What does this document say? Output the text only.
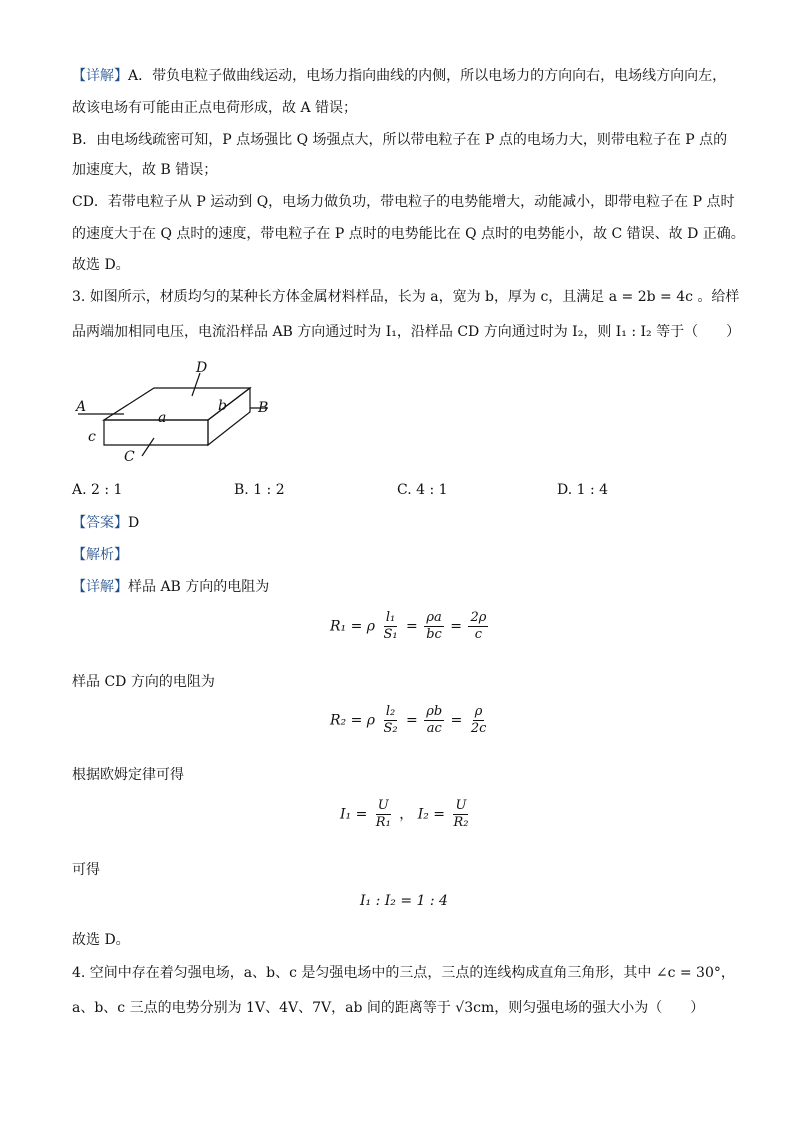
【详解】A．带负电粒子做曲线运动，电场力指向曲线的内侧，所以电场力的方向向右，电场线方向向左，
故该电场有可能由正点电荷形成，故 A 错误；
B．由电场线疏密可知，P 点场强比 Q 场强点大，所以带电粒子在 P 点的电场力大，则带电粒子在 P 点的
加速度大，故 B 错误；
CD．若带电粒子从 P 运动到 Q，电场力做负功，带电粒子的电势能增大，动能减小，即带电粒子在 P 点时
的速度大于在 Q 点时的速度，带电粒子在 P 点时的电势能比在 Q 点时的电势能小，故 C 错误、故 D 正确。
故选 D。
3. 如图所示，材质均匀的某种长方体金属材料样品，长为 a，宽为 b，厚为 c，且满足 a = 2b = 4c 。给样
品两端加相同电压，电流沿样品 AB 方向通过时为 I₁，沿样品 CD 方向通过时为 I₂，则 I₁ : I₂ 等于（　　）
D
A	B
b
a
c
C
A. 2 : 1	B. 1 : 2	C. 4 : 1	D. 1 : 4
【答案】D
【解析】
【详解】样品 AB 方向的电阻为
R₁ = ρ $\frac{\text{l₁}}{\text{S₁}} = \frac{\rho a}{bc} = \frac{2\rho}{c}$
样品 CD 方向的电阻为
R₂ = ρ $\frac{\text{l₂}}{\text{S₂}} = \frac{\rho b}{ac} = \frac{\rho}{2c}$
根据欧姆定律可得
$I_1 = \frac{U}{\text{R₁}}$ ， $I_2 = \frac{U}{\text{R₂}}$
可得
I₁ : I₂ = 1 : 4
故选 D。
4. 空间中存在着匀强电场，a、b、c 是匀强电场中的三点，三点的连线构成直角三角形，其中 ∠c = 30°，
a、b、c 三点的电势分别为 1V、4V、7V，ab 间的距离等于 √3cm，则匀强电场的强大小为（　　）
